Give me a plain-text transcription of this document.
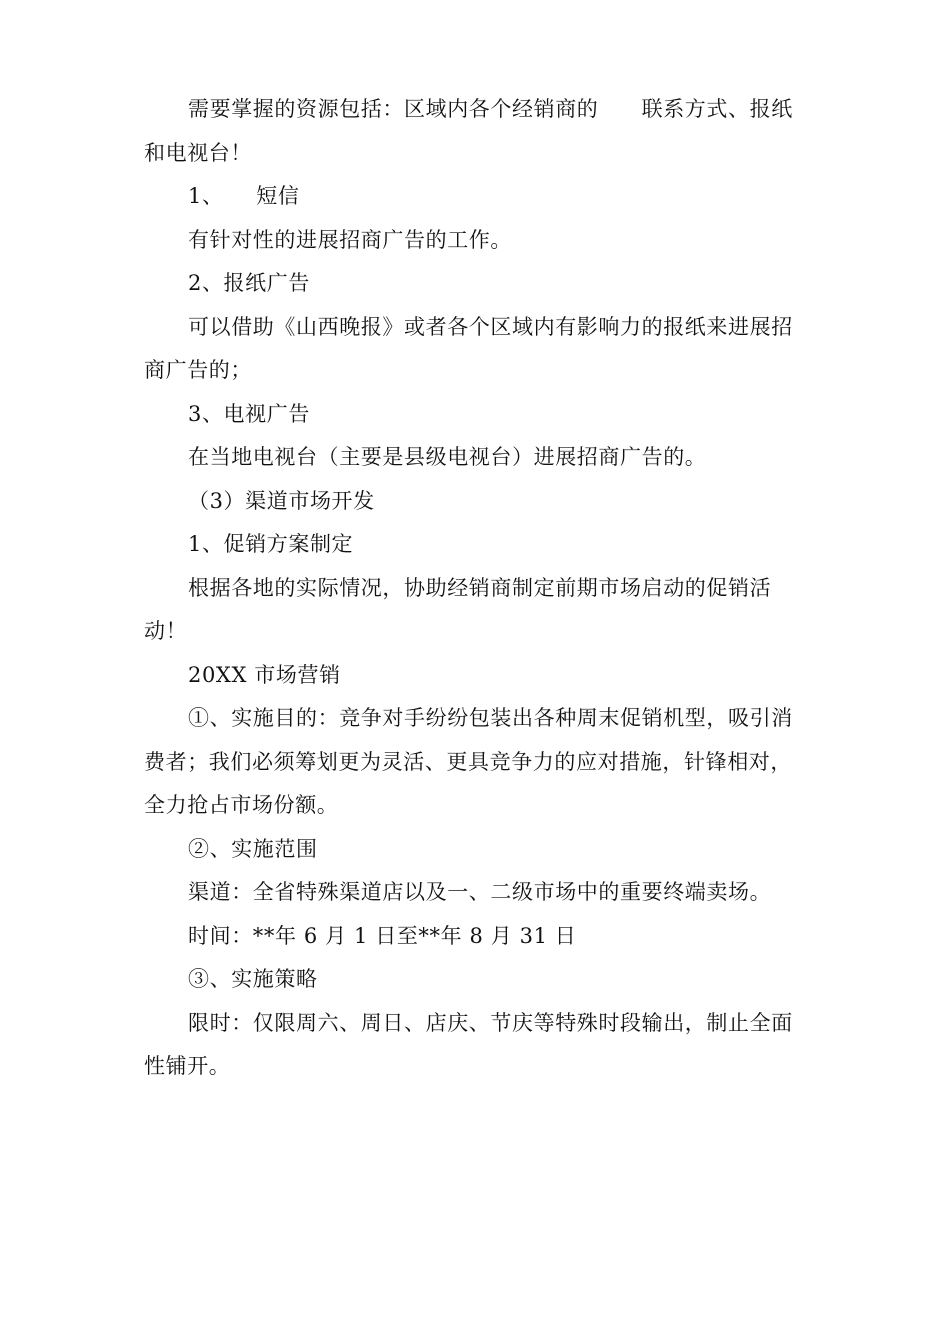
需要掌握的资源包括：区域内各个经销商的　　联系方式、报纸和电视台！

1、　　短信

有针对性的进展招商广告的工作。

2、报纸广告

可以借助《山西晚报》或者各个区域内有影响力的报纸来进展招商广告的；

3、电视广告

在当地电视台（主要是县级电视台）进展招商广告的。

（3）渠道市场开发

1、促销方案制定

根据各地的实际情况，协助经销商制定前期市场启动的促销活动！

20XX 市场营销

①、实施目的：竞争对手纷纷包装出各种周末促销机型，吸引消费者；我们必须筹划更为灵活、更具竞争力的应对措施，针锋相对，全力抢占市场份额。

②、实施范围

渠道：全省特殊渠道店以及一、二级市场中的重要终端卖场。

时间：**年 6 月 1 日至**年 8 月 31 日

③、实施策略

限时：仅限周六、周日、店庆、节庆等特殊时段输出，制止全面性铺开。
